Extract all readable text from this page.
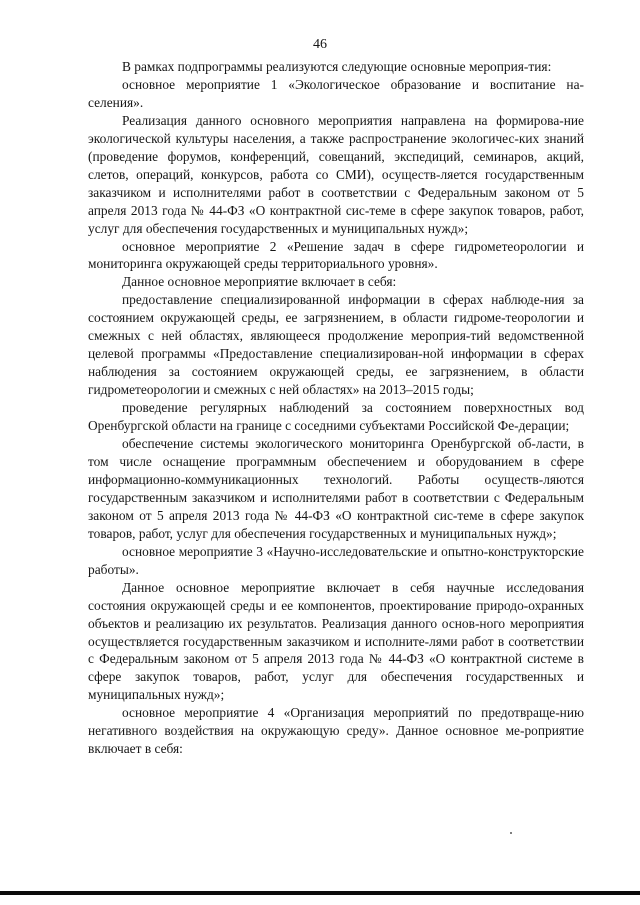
46

В рамках подпрограммы реализуются следующие основные мероприя-тия:

основное мероприятие 1 «Экологическое образование и воспитание на-селения».

Реализация данного основного мероприятия направлена на формирова-ние экологической культуры населения, а также распространение экологичес-ких знаний (проведение форумов, конференций, совещаний, экспедиций, семинаров, акций, слетов, операций, конкурсов, работа со СМИ), осуществ-ляется государственным заказчиком и исполнителями работ в соответствии с Федеральным законом от 5 апреля 2013 года № 44-ФЗ «О контрактной сис-теме в сфере закупок товаров, работ, услуг для обеспечения государственных и муниципальных нужд»;

основное мероприятие 2 «Решение задач в сфере гидрометеорологии и мониторинга окружающей среды территориального уровня».

Данное основное мероприятие включает в себя:

предоставление специализированной информации в сферах наблюде-ния за состоянием окружающей среды, ее загрязнением, в области гидроме-теорологии и смежных с ней областях, являющееся продолжение мероприя-тий ведомственной целевой программы «Предоставление специализирован-ной информации в сферах наблюдения за состоянием окружающей среды, ее загрязнением, в области гидрометеорологии и смежных с ней областях» на 2013–2015 годы;

проведение регулярных наблюдений за состоянием поверхностных вод Оренбургской области на границе с соседними субъектами Российской Фе-дерации;

обеспечение системы экологического мониторинга Оренбургской об-ласти, в том числе оснащение программным обеспечением и оборудованием в сфере информационно-коммуникационных технологий. Работы осуществ-ляются государственным заказчиком и исполнителями работ в соответствии с Федеральным законом от 5 апреля 2013 года № 44-ФЗ «О контрактной сис-теме в сфере закупок товаров, работ, услуг для обеспечения государственных и муниципальных нужд»;

основное мероприятие 3 «Научно-исследовательские и опытно-конструкторские работы».

Данное основное мероприятие включает в себя научные исследования состояния окружающей среды и ее компонентов, проектирование природо-охранных объектов и реализацию их результатов. Реализация данного основ-ного мероприятия осуществляется государственным заказчиком и исполните-лями работ в соответствии с Федеральным законом от 5 апреля 2013 года № 44-ФЗ «О контрактной системе в сфере закупок товаров, работ, услуг для обеспечения государственных и муниципальных нужд»;

основное мероприятие 4 «Организация мероприятий по предотвраще-нию негативного воздействия на окружающую среду». Данное основное ме-роприятие включает в себя:
